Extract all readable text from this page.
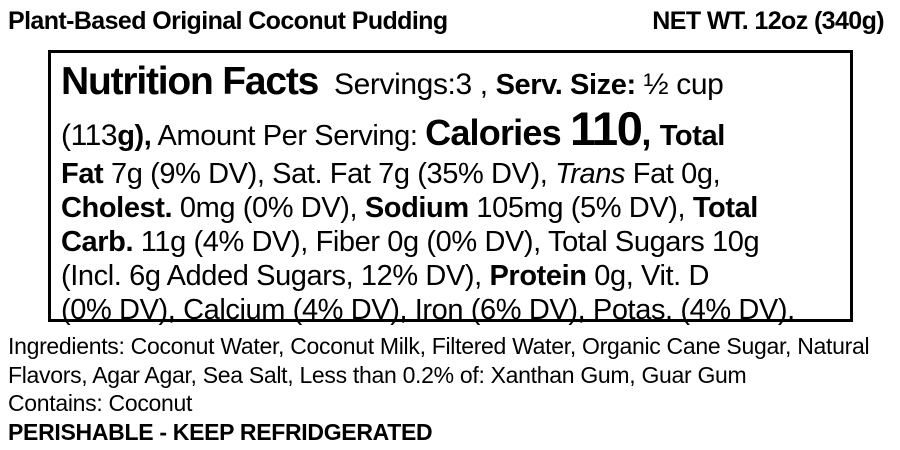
Plant-Based Original Coconut Pudding	NET WT. 12oz (340g)
Nutrition Facts  Servings:3 , Serv. Size: ½ cup
(113g), Amount Per Serving: Calories 110, Total
Fat 7g (9% DV), Sat. Fat 7g (35% DV), Trans Fat 0g,
Cholest. 0mg (0% DV), Sodium 105mg (5% DV), Total
Carb. 11g (4% DV), Fiber 0g (0% DV), Total Sugars 10g
(Incl. 6g Added Sugars, 12% DV), Protein 0g, Vit. D
(0% DV), Calcium (4% DV), Iron (6% DV), Potas. (4% DV).

Ingredients: Coconut Water, Coconut Milk, Filtered Water, Organic Cane Sugar, Natural

Flavors, Agar Agar, Sea Salt, Less than 0.2% of: Xanthan Gum, Guar Gum

Contains: Coconut

PERISHABLE - KEEP REFRIDGERATED
